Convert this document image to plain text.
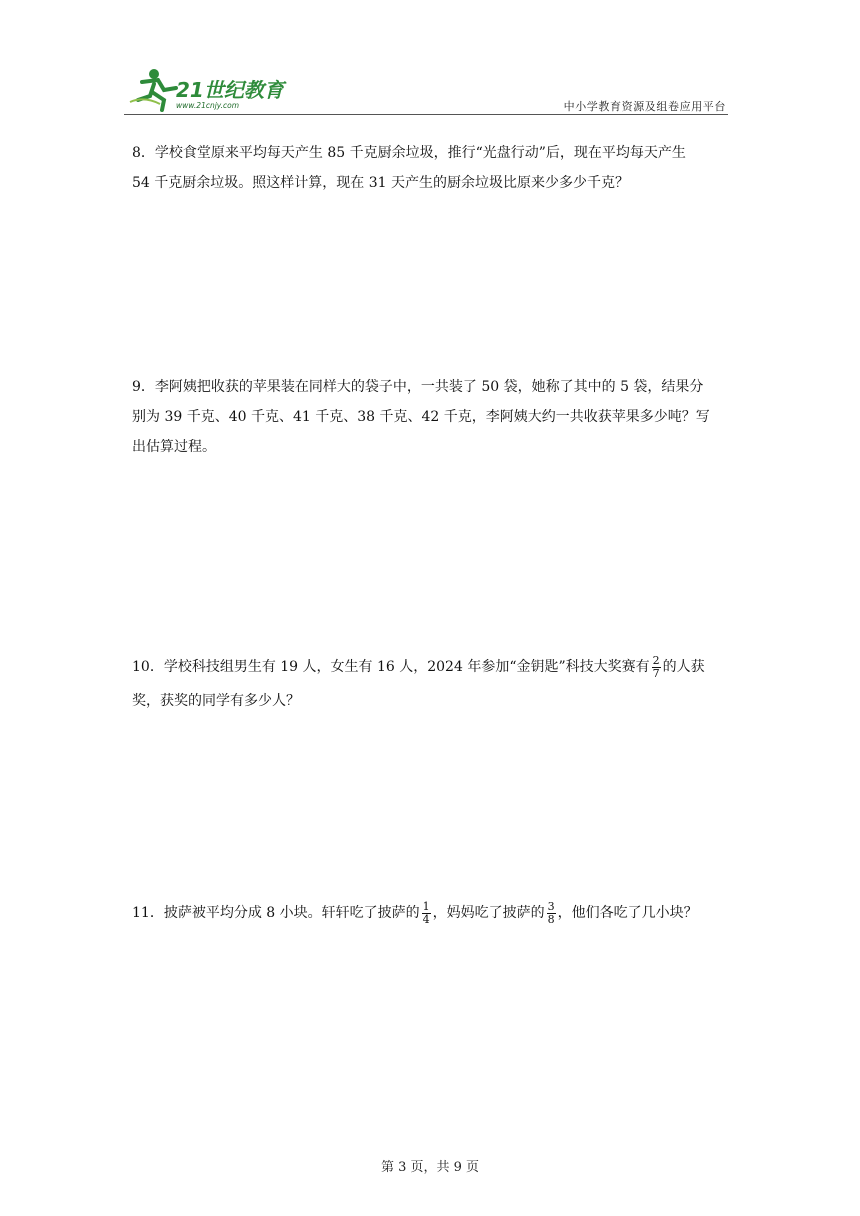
21世纪教育
www.21cnjy.com	中小学教育资源及组卷应用平台

8．学校食堂原来平均每天产生 85 千克厨余垃圾，推行“光盘行动”后，现在平均每天产生

54 千克厨余垃圾。照这样计算，现在 31 天产生的厨余垃圾比原来少多少千克？

9．李阿姨把收获的苹果装在同样大的袋子中，一共装了 50 袋，她称了其中的 5 袋，结果分

别为 39 千克、40 千克、41 千克、38 千克、42 千克，李阿姨大约一共收获苹果多少吨？写

出估算过程。

10．学校科技组男生有 19 人，女生有 16 人，2024 年参加“金钥匙”科技大奖赛有 $\frac{2}{7}$ 的人获

奖，获奖的同学有多少人？

11．披萨被平均分成 8 小块。轩轩吃了披萨的 $\frac{1}{4}$ ，妈妈吃了披萨的 $\frac{3}{8}$ ，他们各吃了几小块？

第 3 页，共 9 页
